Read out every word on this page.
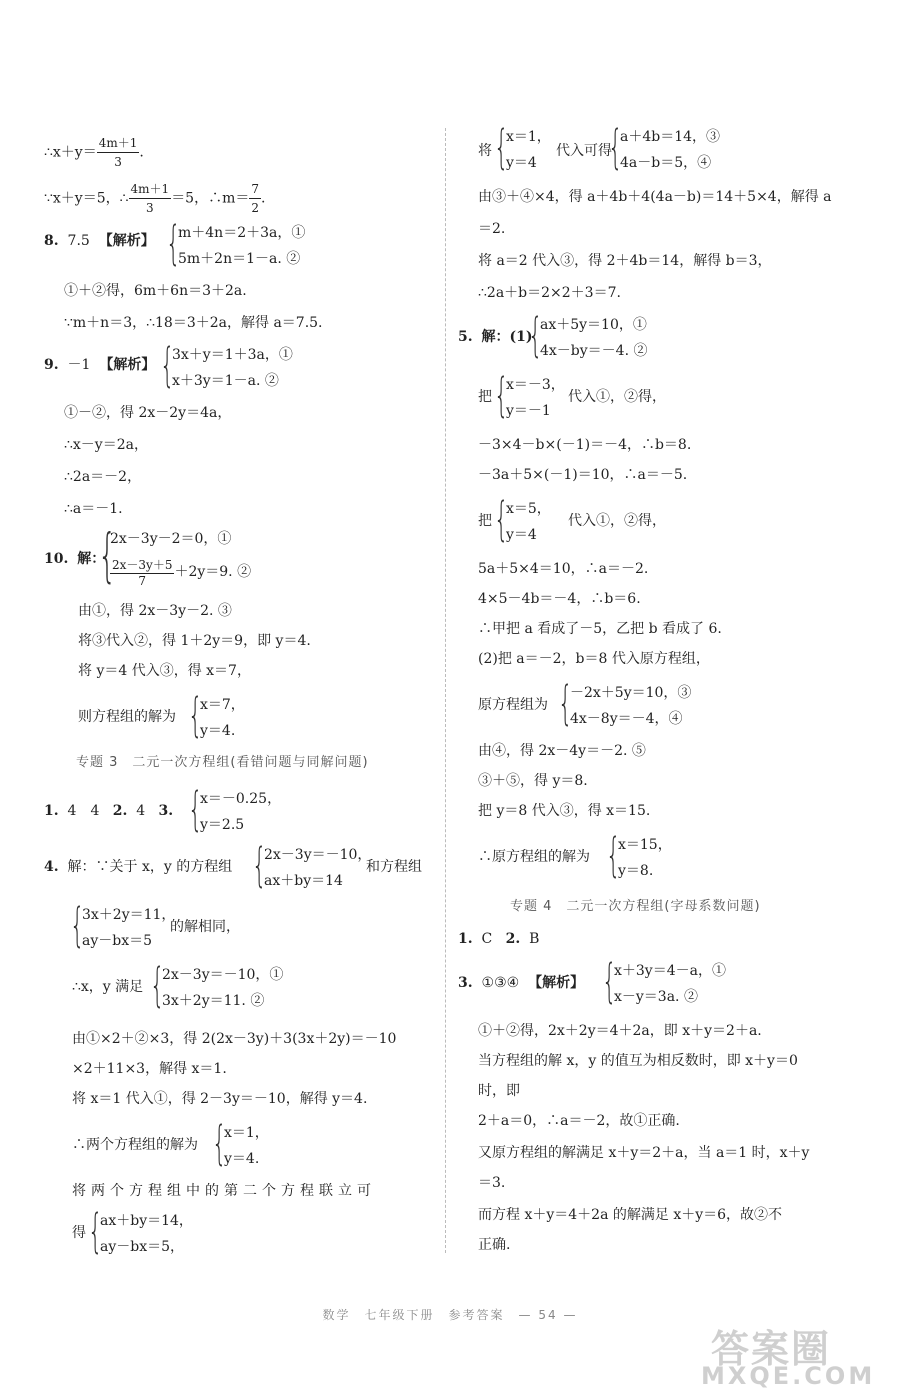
∴x＋y＝ $\frac{4m+1}{3}$ .
∵x＋y＝5，∴ $\frac{4m+1}{3} =5$，∴m＝ $\frac{7}{2}$ .
8. 7.5 【解析】 {
m＋4n＝2＋3a，①
5m＋2n＝1－a. ②
①＋②得，6m＋6n＝3＋2a.
∵m＋n＝3，∴18＝3＋2a，解得 a＝7.5.
9. －1 【解析】 {
3x＋y＝1＋3a，①
x＋3y＝1－a. ②
①－②，得 2x－2y＝4a，
∴x－y＝2a，
∴2a＝－2，
∴a＝－1.
10. 解：
{
2x－3y－2＝0，①
$\frac{2x-3y+5}{7} +2y=9$. ②
由①，得 2x－3y－2. ③
将③代入②，得 1＋2y＝9，即 y＝4.
将 y＝4 代入③，得 x＝7，
则方程组的解为 {
x＝7，
y＝4.
专题 3　二元一次方程组(看错问题与同解问题)
1. 4　4 2. 4 3. {
x＝－0.25，
y＝2.5
4. 解：∵关于 x，y 的方程组 {
2x－3y＝－10，
ax＋by＝14
和方程组
{
3x＋2y＝11，
ay－bx＝5
的解相同，
∴x，y 满足 {
2x－3y＝－10，①
3x＋2y＝11. ②
由①×2＋②×3，得 2(2x－3y)＋3(3x＋2y)＝－10
×2＋11×3，解得 x＝1.
将 x＝1 代入①，得 2－3y＝－10，解得 y＝4.
∴两个方程组的解为 {
x＝1，
y＝4.
将两个方程组中的第二个方程联立可
得 {
ax＋by＝14，
ay－bx＝5，
将 {
x＝1，
y＝4
代入可得
{
a＋4b＝14，③
4a－b＝5，④
由③＋④×4，得 a＋4b＋4(4a－b)＝14＋5×4，解得 a
＝2.
将 a＝2 代入③，得 2＋4b＝14，解得 b＝3，
∴2a＋b＝2×2＋3＝7.
5. 解：(1)
{
ax＋5y＝10，①
4x－by＝－4. ②
把 {
x＝－3，
y＝－1
代入①，②得，
－3×4－b×(－1)＝－4，∴b＝8.
－3a＋5×(－1)＝10，∴a＝－5.
把 {
x＝5，
y＝4
代入①，②得，
5a＋5×4＝10，∴a＝－2.
4×5－4b＝－4，∴b＝6.
∴甲把 a 看成了－5，乙把 b 看成了 6.
(2)把 a＝－2，b＝8 代入原方程组，
原方程组为 {
－2x＋5y＝10，③
4x－8y＝－4，④
由④，得 2x－4y＝－2. ⑤
③＋⑤，得 y＝8.
把 y＝8 代入③，得 x＝15.
∴原方程组的解为 {
x＝15，
y＝8.
专题 4　二元一次方程组(字母系数问题)
1. C 2. B
3. ①③④ 【解析】 {
x＋3y＝4－a，①
x－y＝3a. ②
①＋②得，2x＋2y＝4＋2a，即 x＋y＝2＋a.
当方程组的解 x，y 的值互为相反数时，即 x＋y＝0
时，即
2＋a＝0，∴a＝－2，故①正确.
又原方程组的解满足 x＋y＝2＋a，当 a＝1 时，x＋y
＝3.
而方程 x＋y＝4＋2a 的解满足 x＋y＝6，故②不
正确.
数学　七年级下册　参考答案　— 54 —
答案圈
MXQE.COM
